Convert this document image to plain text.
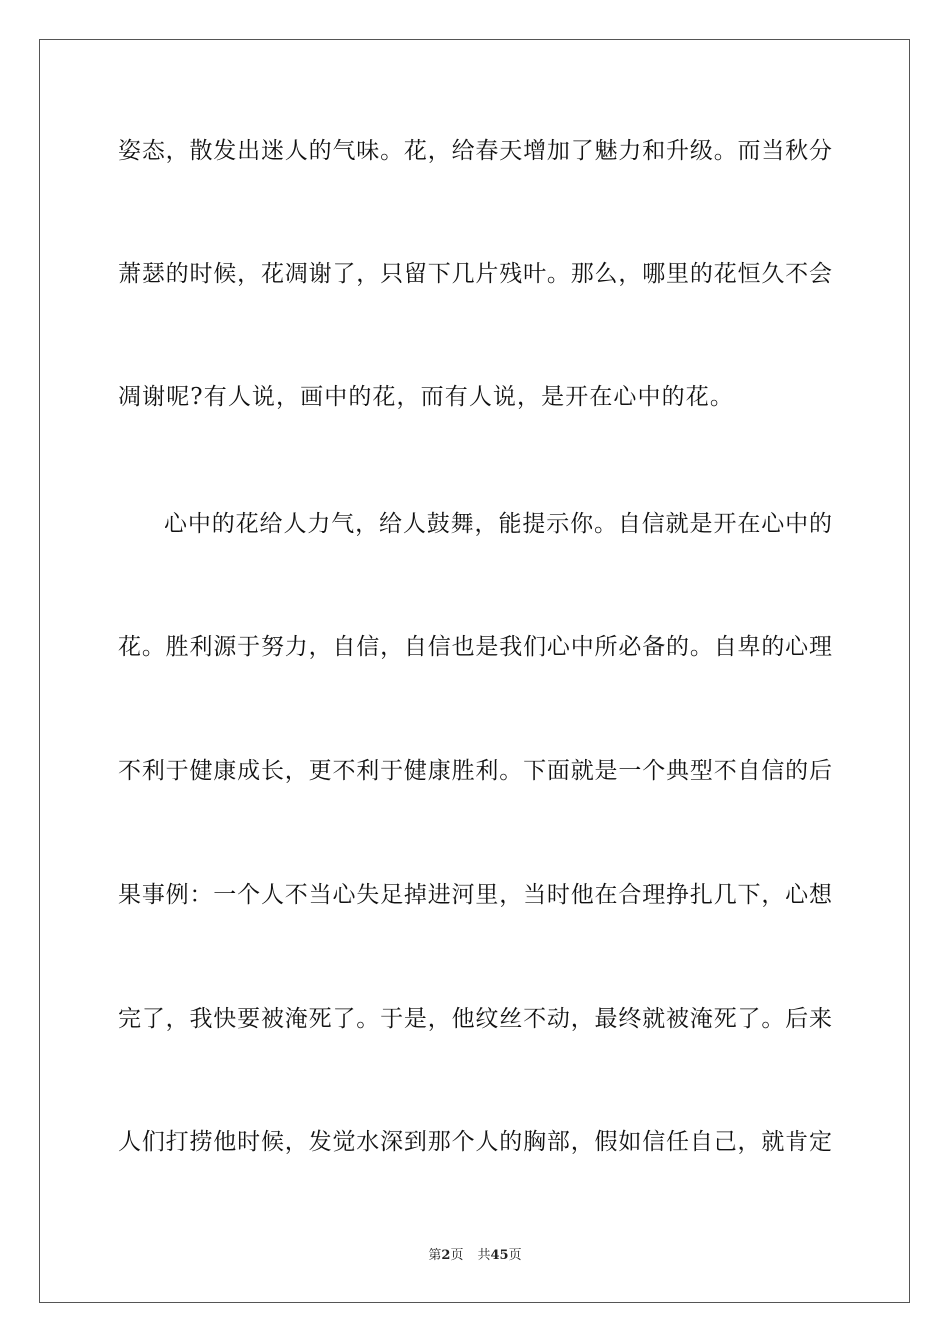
姿态，散发出迷人的气味。花，给春天增加了魅力和升级。而当秋分
萧瑟的时候，花凋谢了，只留下几片残叶。那么，哪里的花恒久不会
凋谢呢?有人说，画中的花，而有人说，是开在心中的花。
心中的花给人力气，给人鼓舞，能提示你。自信就是开在心中的
花。胜利源于努力，自信，自信也是我们心中所必备的。自卑的心理
不利于健康成长，更不利于健康胜利。下面就是一个典型不自信的后
果事例：一个人不当心失足掉进河里，当时他在合理挣扎几下，心想
完了，我快要被淹死了。于是，他纹丝不动，最终就被淹死了。后来
人们打捞他时候，发觉水深到那个人的胸部，假如信任自己，就肯定
第2页 共45页
